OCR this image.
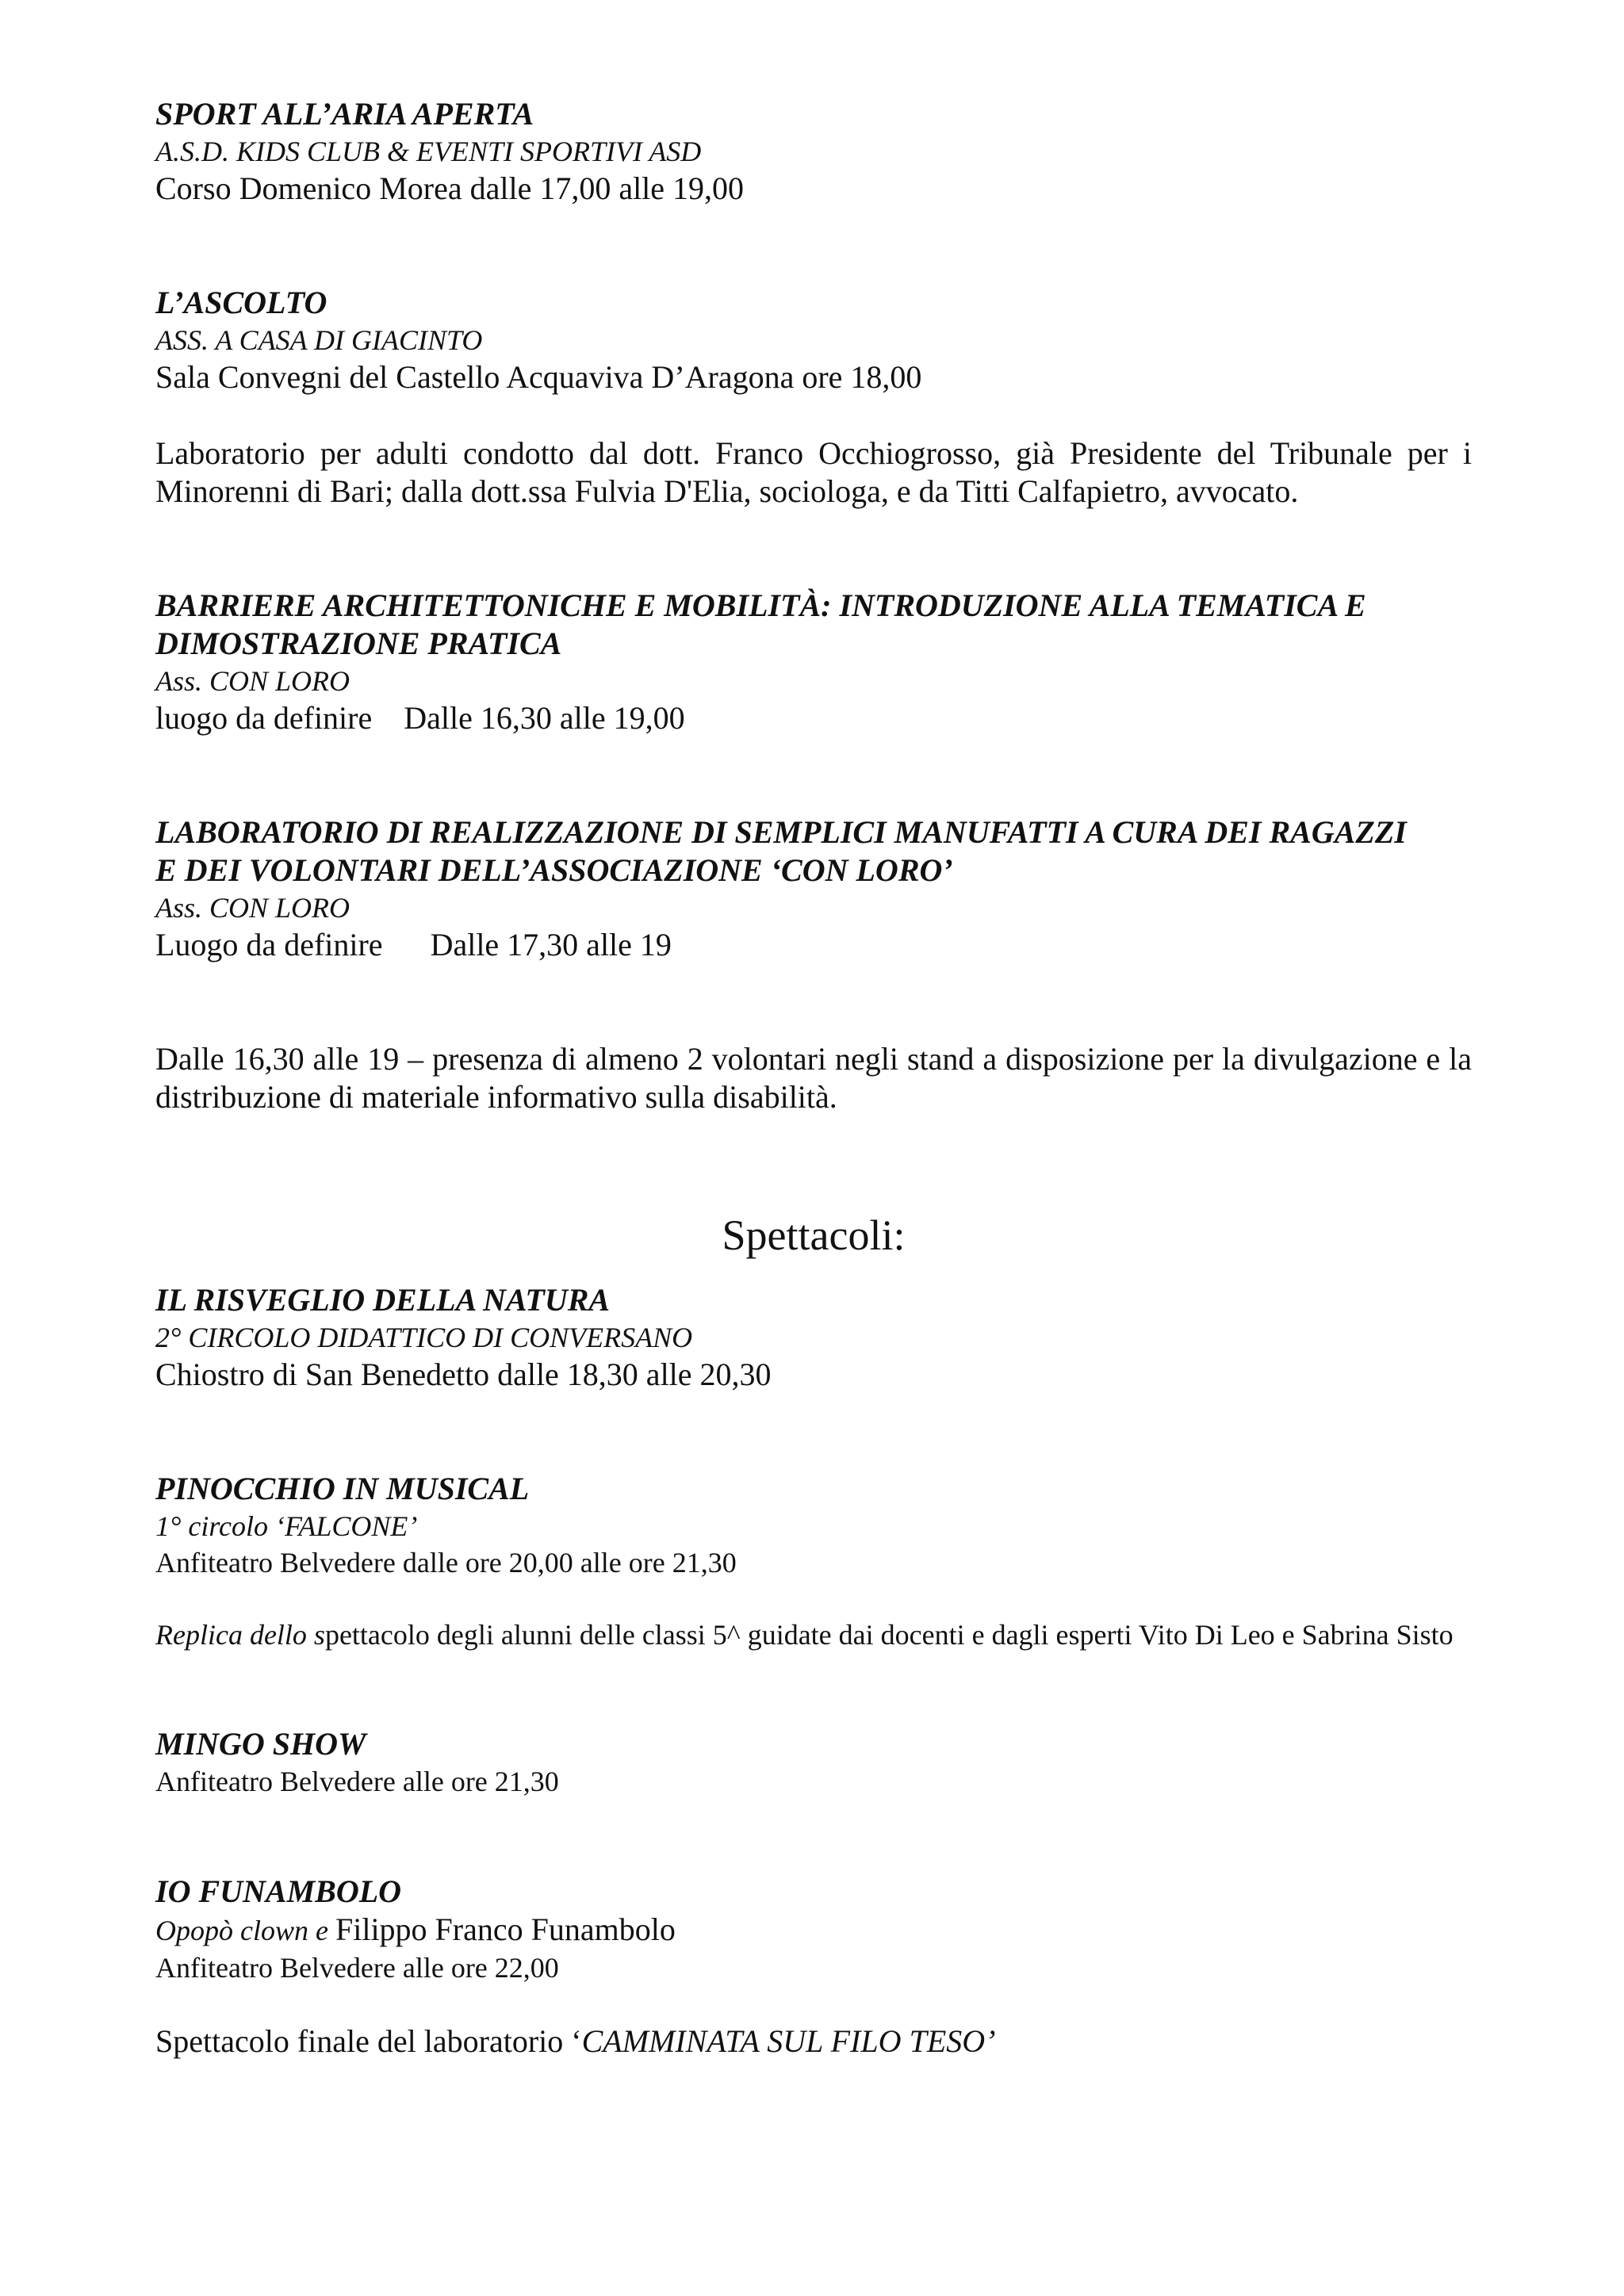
SPORT ALL’ARIA APERTA

A.S.D. KIDS CLUB & EVENTI SPORTIVI ASD

Corso Domenico Morea dalle 17,00 alle 19,00

L’ASCOLTO

ASS. A CASA DI GIACINTO

Sala Convegni del Castello Acquaviva D’Aragona ore 18,00

Laboratorio per adulti condotto dal dott. Franco Occhiogrosso, già Presidente del Tribunale per i Minorenni di Bari; dalla dott.ssa Fulvia D'Elia, sociologa, e da Titti Calfapietro, avvocato.

BARRIERE ARCHITETTONICHE E MOBILITÀ: INTRODUZIONE ALLA TEMATICA E

DIMOSTRAZIONE PRATICA

Ass. CON LORO

luogo da definire Dalle 16,30 alle 19,00

LABORATORIO DI REALIZZAZIONE DI SEMPLICI MANUFATTI A CURA DEI RAGAZZI

E DEI VOLONTARI DELL’ASSOCIAZIONE ‘CON LORO’

Ass. CON LORO

Luogo da definire Dalle 17,30 alle 19

Dalle 16,30 alle 19 – presenza di almeno 2 volontari negli stand a disposizione per la divulgazione e la distribuzione di materiale informativo sulla disabilità.

Spettacoli:

IL RISVEGLIO DELLA NATURA

2° CIRCOLO DIDATTICO DI CONVERSANO

Chiostro di San Benedetto dalle 18,30 alle 20,30

PINOCCHIO IN MUSICAL

1° circolo ‘FALCONE’

Anfiteatro Belvedere dalle ore 20,00 alle ore 21,30

Replica dello spettacolo degli alunni delle classi 5^ guidate dai docenti e dagli esperti Vito Di Leo e Sabrina Sisto

MINGO SHOW

Anfiteatro Belvedere alle ore 21,30

IO FUNAMBOLO

Opopò clown e Filippo Franco Funambolo

Anfiteatro Belvedere alle ore 22,00

Spettacolo finale del laboratorio ‘CAMMINATA SUL FILO TESO’
